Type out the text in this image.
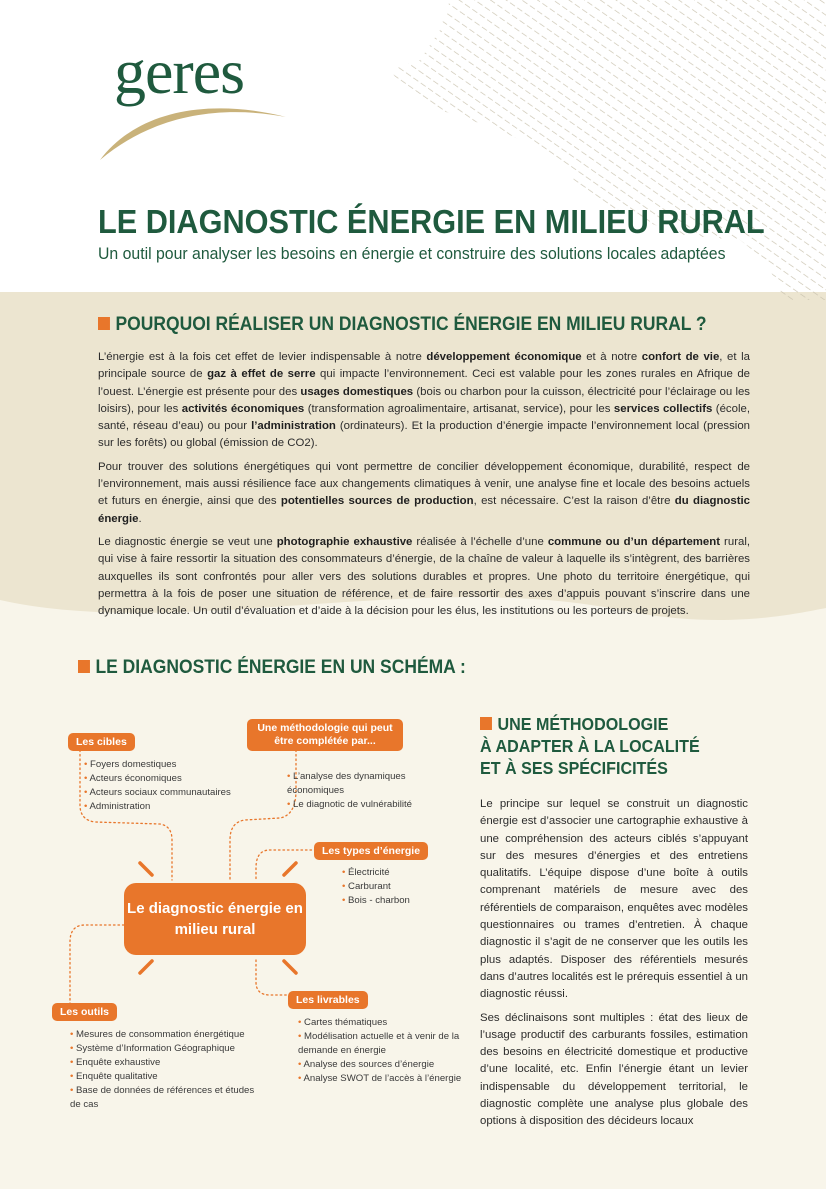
geres
LE DIAGNOSTIC ÉNERGIE EN MILIEU RURAL
Un outil pour analyser les besoins en énergie et construire des solutions locales adaptées
POURQUOI RÉALISER UN DIAGNOSTIC ÉNERGIE EN MILIEU RURAL ?

L’énergie est à la fois cet effet de levier indispensable à notre développement économique et à notre confort de vie, et la principale source de gaz à effet de serre qui impacte l’environnement. Ceci est valable pour les zones rurales en Afrique de l’ouest. L’énergie est présente pour des usages domestiques (bois ou charbon pour la cuisson, électricité pour l’éclairage ou les loisirs), pour les activités économiques (transformation agroalimentaire, artisanat, service), pour les services collectifs (école, santé, réseau d’eau) ou pour l’administration (ordinateurs). Et la production d’énergie impacte l’environnement local (pression sur les forêts) ou global (émission de CO2).

Pour trouver des solutions énergétiques qui vont permettre de concilier développement économique, durabilité, respect de l’environnement, mais aussi résilience face aux changements climatiques à venir, une analyse fine et locale des besoins actuels et futurs en énergie, ainsi que des potentielles sources de production, est nécessaire. C’est la raison d’être du diagnostic énergie.

Le diagnostic énergie se veut une photographie exhaustive réalisée à l’échelle d’une commune ou d’un département rural, qui vise à faire ressortir la situation des consommateurs d’énergie, de la chaîne de valeur à laquelle ils s’intègrent, des barrières auxquelles ils sont confrontés pour aller vers des solutions durables et propres. Une photo du territoire énergétique, qui permettra à la fois de poser une situation de référence, et de faire ressortir des axes d’appuis pouvant s’inscrire dans une dynamique locale. Un outil d’évaluation et d’aide à la décision pour les élus, les institutions ou les porteurs de projets.

LE DIAGNOSTIC ÉNERGIE EN UN SCHÉMA :
Le diagnostic énergie en milieu rural
Les cibles
• Foyers domestiques
• Acteurs économiques
• Acteurs sociaux communautaires
• Administration
Une méthodologie qui peut être complétée par...
• L’analyse des dynamiques économiques
• Le diagnotic de vulnérabilité
Les types d’énergie
• Électricité
• Carburant
• Bois - charbon
Les outils
• Mesures de consommation énergétique
• Système d’Information Géographique
• Enquête exhaustive
• Enquête qualitative
• Base de données de références et études de cas
Les livrables
• Cartes thématiques
• Modélisation actuelle et à venir de la demande en énergie
• Analyse des sources d’énergie
• Analyse SWOT de l’accès à l’énergie
UNE MÉTHODOLOGIE
À ADAPTER À LA LOCALITÉ
ET À SES SPÉCIFICITÉS

Le principe sur lequel se construit un diagnostic énergie est d’associer une cartographie exhaustive à une compréhension des acteurs ciblés s’appuyant sur des mesures d’énergies et des entretiens qualitatifs. L’équipe dispose d’une boîte à outils comprenant matériels de mesure avec des référentiels de comparaison, enquêtes avec modèles questionnaires ou trames d’entretien. À chaque diagnostic il s’agit de ne conserver que les outils les plus adaptés. Disposer des référentiels mesurés dans d’autres localités est le prérequis essentiel à un diagnostic réussi.

Ses déclinaisons sont multiples : état des lieux de l’usage productif des carburants fossiles, estimation des besoins en électricité domestique et productive d’une localité, etc. Enfin l’énergie étant un levier indispensable du développement territorial, le diagnostic complète une analyse plus globale des options à disposition des décideurs locaux
